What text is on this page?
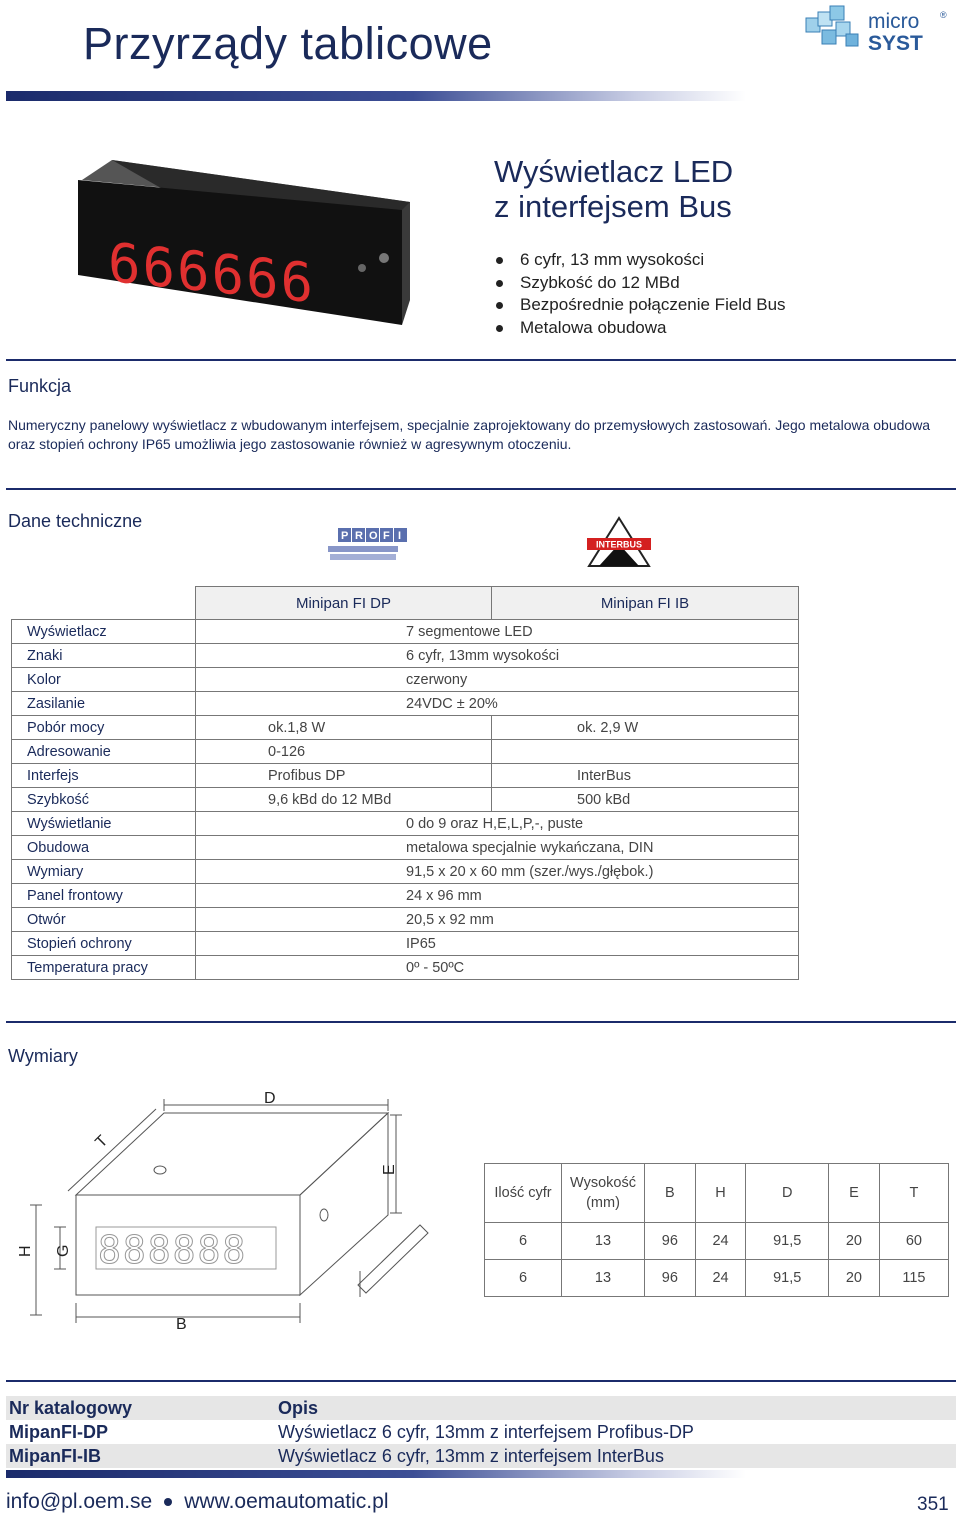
Przyrządy tablicowe	micro ®
SYST
666666
Wyświetlacz LED
z interfejsem Bus
6 cyfr, 13 mm wysokości
Szybkość do 12 MBd
Bezpośrednie połączenie Field Bus
Metalowa obudowa
Funkcja
Numeryczny panelowy wyświetlacz z wbudowanym interfejsem, specjalnie zaprojektowany do przemysłowych zastosowań. Jego metalowa obudowa oraz stopień ochrony IP65 umożliwia jego zastosowanie również w agresywnym otoczeniu.
Dane techniczne
P R O F I
INTERBUS
	Minipan FI DP	Minipan FI IB
Wyświetlacz	7 segmentowe LED	
Znaki	6 cyfr, 13mm wysokości	
Kolor	czerwony	
Zasilanie	24VDC ± 20%	
Pobór mocy	ok.1,8 W	ok. 2,9 W
Adresowanie	0-126	
Interfejs	Profibus DP	InterBus
Szybkość	9,6 kBd do 12 MBd	500 kBd
Wyświetlanie	0 do 9 oraz H,E,L,P,-, puste	
Obudowa	metalowa specjalnie wykańczana, DIN	
Wymiary	91,5 x 20 x 60 mm (szer./wys./głębok.)	
Panel frontowy	24 x 96 mm	
Otwór	20,5 x 92 mm	
Stopień ochrony	IP65	
Temperatura pracy	0º - 50ºC	
Wymiary
D
T
E
H G
B
888888
Ilość cyfr	Wysokość (mm)	B	H	D	E	T
6	13	96	24	91,5	20	60
6	13	96	24	91,5	20	115
Nr katalogowy	Opis
MipanFI-DP	Wyświetlacz 6 cyfr, 13mm z interfejsem Profibus-DP
MipanFI-IB	Wyświetlacz 6 cyfr, 13mm z interfejsem InterBus
info@pl.oem.se www.oemautomatic.pl	351
